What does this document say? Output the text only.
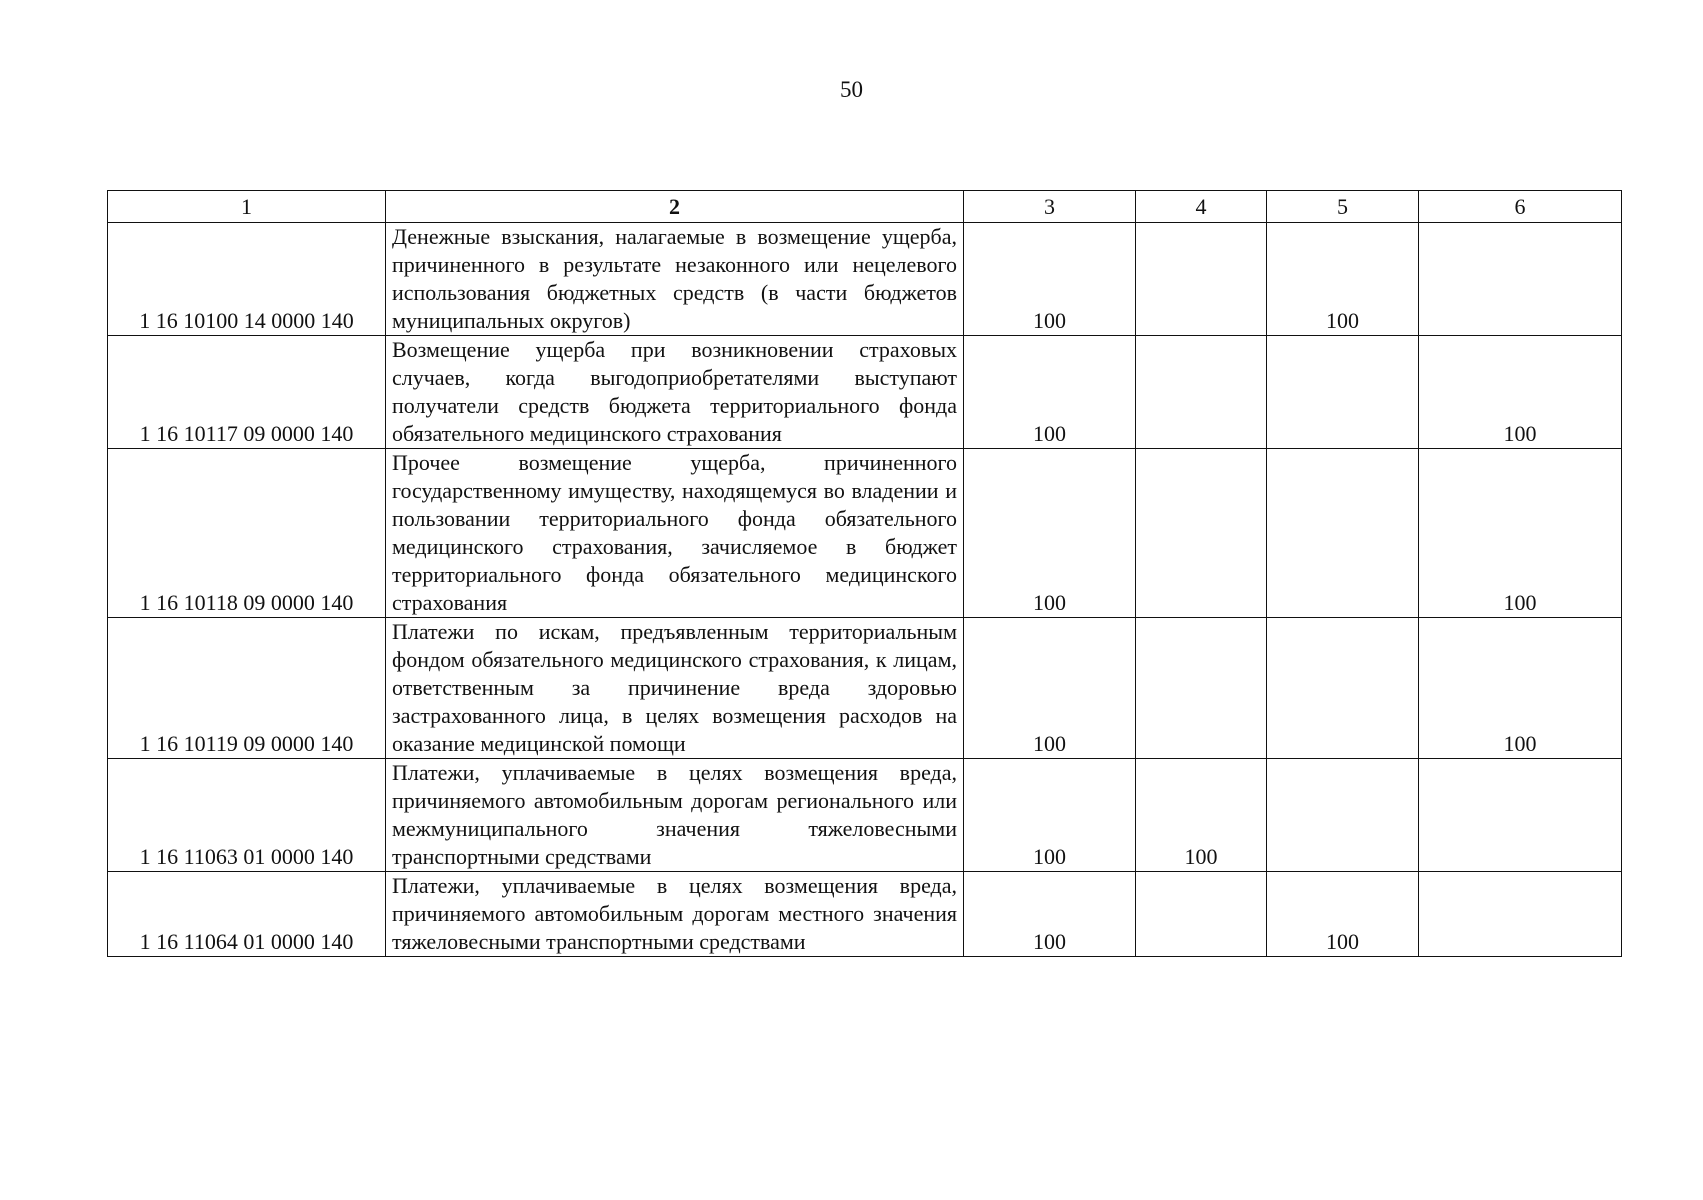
50
1	2	3	4	5	6
1 16 10100 14 0000 140	Денежные взыскания, налагаемые в возмещение ущерба, причиненного в результате незаконного или нецелевого использования бюджетных средств (в части бюджетов муниципальных округов)	100		100	
1 16 10117 09 0000 140	Возмещение ущерба при возникновении страховых случаев, когда выгодоприобретателями выступают получатели средств бюджета территориального фонда обязательного медицинского страхования	100			100
1 16 10118 09 0000 140	Прочее возмещение ущерба, причиненного государственному имуществу, находящемуся во владении и пользовании территориального фонда обязательного медицинского страхования, зачисляемое в бюджет территориального фонда обязательного медицинского страхования	100			100
1 16 10119 09 0000 140	Платежи по искам, предъявленным территориальным фондом обязательного медицинского страхования, к лицам, ответственным за причинение вреда здоровью застрахованного лица, в целях возмещения расходов на оказание медицинской помощи	100			100
1 16 11063 01 0000 140	Платежи, уплачиваемые в целях возмещения вреда, причиняемого автомобильным дорогам регионального или межмуниципального значения тяжеловесными транспортными средствами	100	100		
1 16 11064 01 0000 140	Платежи, уплачиваемые в целях возмещения вреда, причиняемого автомобильным дорогам местного значения тяжеловесными транспортными средствами	100		100	
